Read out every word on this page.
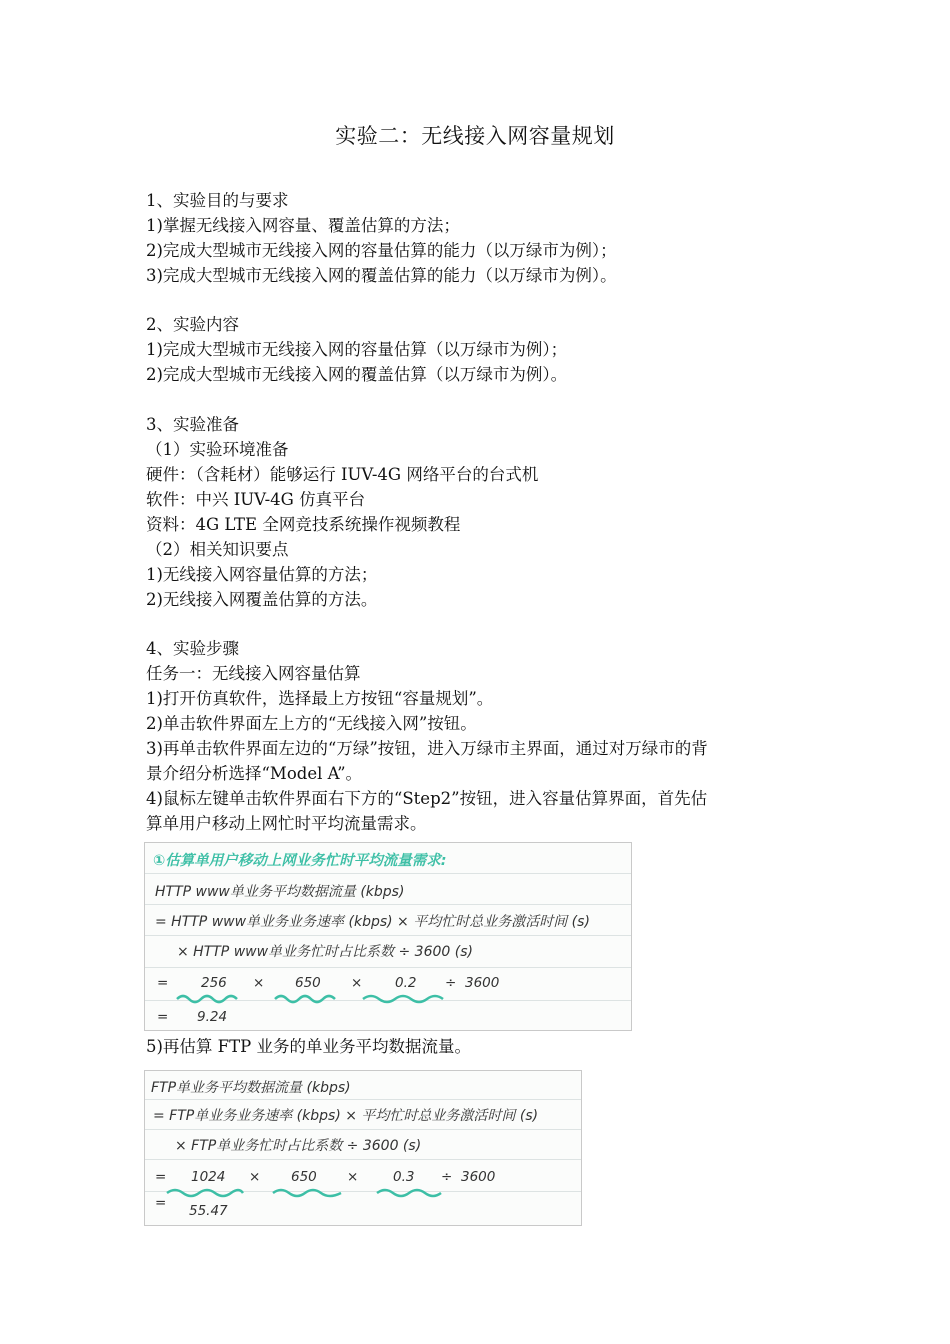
实验二：无线接入网容量规划
1、实验目的与要求
1)掌握无线接入网容量、覆盖估算的方法；
2)完成大型城市无线接入网的容量估算的能力（以万绿市为例）；
3)完成大型城市无线接入网的覆盖估算的能力（以万绿市为例）。
2、实验内容
1)完成大型城市无线接入网的容量估算（以万绿市为例）；
2)完成大型城市无线接入网的覆盖估算（以万绿市为例）。
3、实验准备
（1）实验环境准备
硬件：（含耗材）能够运行 IUV-4G 网络平台的台式机
软件：中兴 IUV-4G 仿真平台
资料：4G LTE 全网竞技系统操作视频教程
（2）相关知识要点
1)无线接入网容量估算的方法；
2)无线接入网覆盖估算的方法。
4、实验步骤
任务一：无线接入网容量估算
1)打开仿真软件，选择最上方按钮“容量规划”。
2)单击软件界面左上方的“无线接入网”按钮。
3)再单击软件界面左边的“万绿”按钮，进入万绿市主界面，通过对万绿市的背
景介绍分析选择“Model A”。
4)鼠标左键单击软件界面右下方的“Step2”按钮，进入容量估算界面，首先估
算单用户移动上网忙时平均流量需求。
①估算单用户移动上网业务忙时平均流量需求:
HTTP www单业务平均数据流量 (kbps)
= HTTP www单业务业务速率 (kbps) × 平均忙时总业务激活时间 (s)
× HTTP www单业务忙时占比系数 ÷ 3600 (s)
= 256 × 650 × 0.2 ÷ 3600
= 9.24
5)再估算 FTP 业务的单业务平均数据流量。
FTP单业务平均数据流量 (kbps)
= FTP单业务业务速率 (kbps) × 平均忙时总业务激活时间 (s)
× FTP单业务忙时占比系数 ÷ 3600 (s)
= 1024 × 650 ×	0.3 ÷ 3600
= 55.47
